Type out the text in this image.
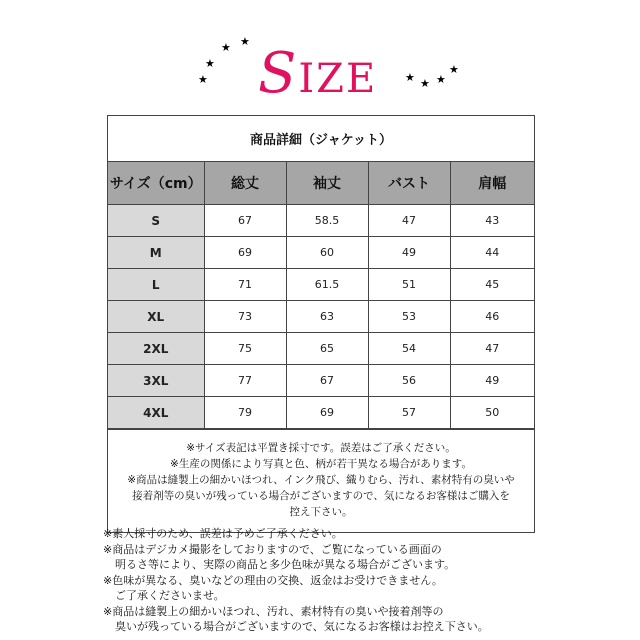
★
★
★ ★ S IZE	★ ★ ★
★
商品詳細（ジャケット）
サイズ（cm）	総丈	袖丈	バスト	肩幅
S	67	58.5	47	43
M	69	60	49	44
L	71	61.5	51	45
XL	73	63	53	46
2XL	75	65	54	47
3XL	77	67	56	49
4XL	79	69	57	50
※サイズ表記は平置き採寸です。誤差はご了承ください。
※生産の関係により写真と色、柄が若干異なる場合があります。
※商品は縫製上の細かいほつれ、インク飛び、織りむら、汚れ、素材特有の臭いや
接着剤等の臭いが残っている場合がございますので、気になるお客様はご購入を
控え下さい。
※素人採寸のため、誤差は予めご了承ください。
※商品はデジカメ撮影をしておりますので、ご覧になっている画面の
明るさ等により、実際の商品と多少色味が異なる場合がございます。
※色味が異なる、臭いなどの理由の交換、返金はお受けできません。
ご了承くださいませ。
※商品は縫製上の細かいほつれ、汚れ、素材特有の臭いや接着剤等の
臭いが残っている場合がございますので、気になるお客様はお控え下さい。
